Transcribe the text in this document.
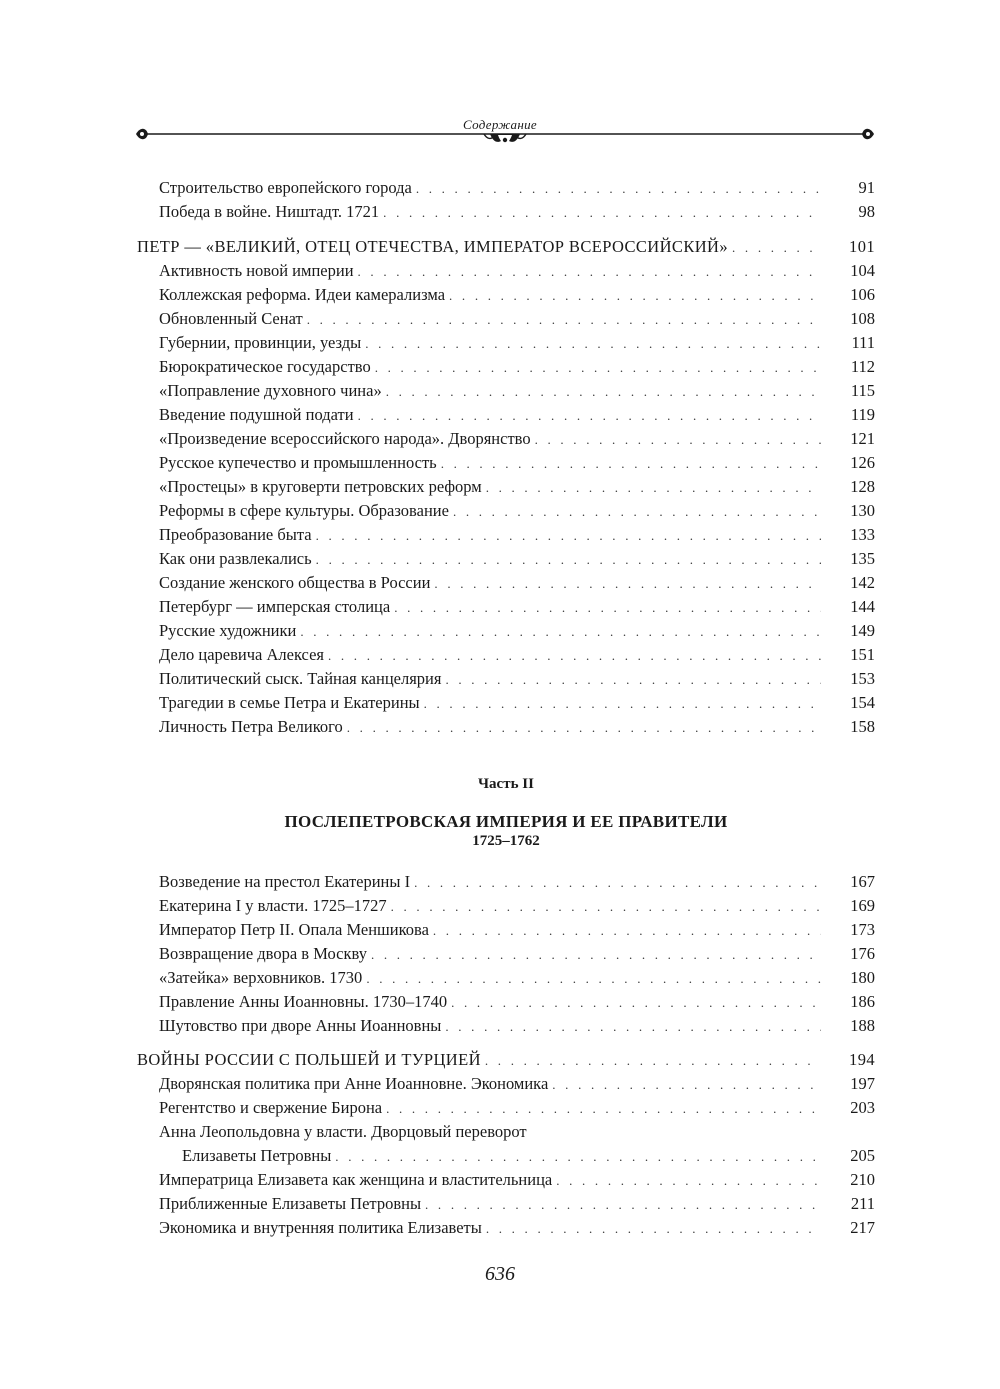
Содержание
Строительство европейского города . . .	91
Победа в войне. Ништадт. 1721 . . .	98
ПЕТР — «ВЕЛИКИЙ, ОТЕЦ ОТЕЧЕСТВА, ИМПЕРАТОР ВСЕРОССИЙСКИЙ» . . .	101
Активность новой империи . . .	104
Коллежская реформа. Идеи камерализма . . .	106
Обновленный Сенат . . .	108
Губернии, провинции, уезды . . .	111
Бюрократическое государство . . .	112
«Поправление духовного чина» . . .	115
Введение подушной подати . . .	119
«Произведение всероссийского народа». Дворянство . . .	121
Русское купечество и промышленность . . .	126
«Простецы» в круговерти петровских реформ . . .	128
Реформы в сфере культуры. Образование . . .	130
Преобразование быта . . .	133
Как они развлекались . . .	135
Создание женского общества в России . . .	142
Петербург — имперская столица . . .	144
Русские художники . . .	149
Дело царевича Алексея . . .	151
Политический сыск. Тайная канцелярия . . .	153
Трагедии в семье Петра и Екатерины . . .	154
Личность Петра Великого . . .	158
Часть II
ПОСЛЕПЕТРОВСКАЯ ИМПЕРИЯ И ЕЕ ПРАВИТЕЛИ
1725–1762
Возведение на престол Екатерины I . . .	167
Екатерина I у власти. 1725–1727 . . .	169
Император Петр II. Опала Меншикова . . .	173
Возвращение двора в Москву . . .	176
«Затейка» верховников. 1730 . . .	180
Правление Анны Иоанновны. 1730–1740 . . .	186
Шутовство при дворе Анны Иоанновны . . .	188
ВОЙНЫ РОССИИ С ПОЛЬШЕЙ И ТУРЦИЕЙ . . .	194
Дворянская политика при Анне Иоанновне. Экономика . . .	197
Регентство и свержение Бирона . . .	203
Анна Леопольдовна у власти. Дворцовый переворот
Елизаветы Петровны . . .	205
Императрица Елизавета как женщина и властительница . . .	210
Приближенные Елизаветы Петровны . . .	211
Экономика и внутренняя политика Елизаветы . . .	217
636
